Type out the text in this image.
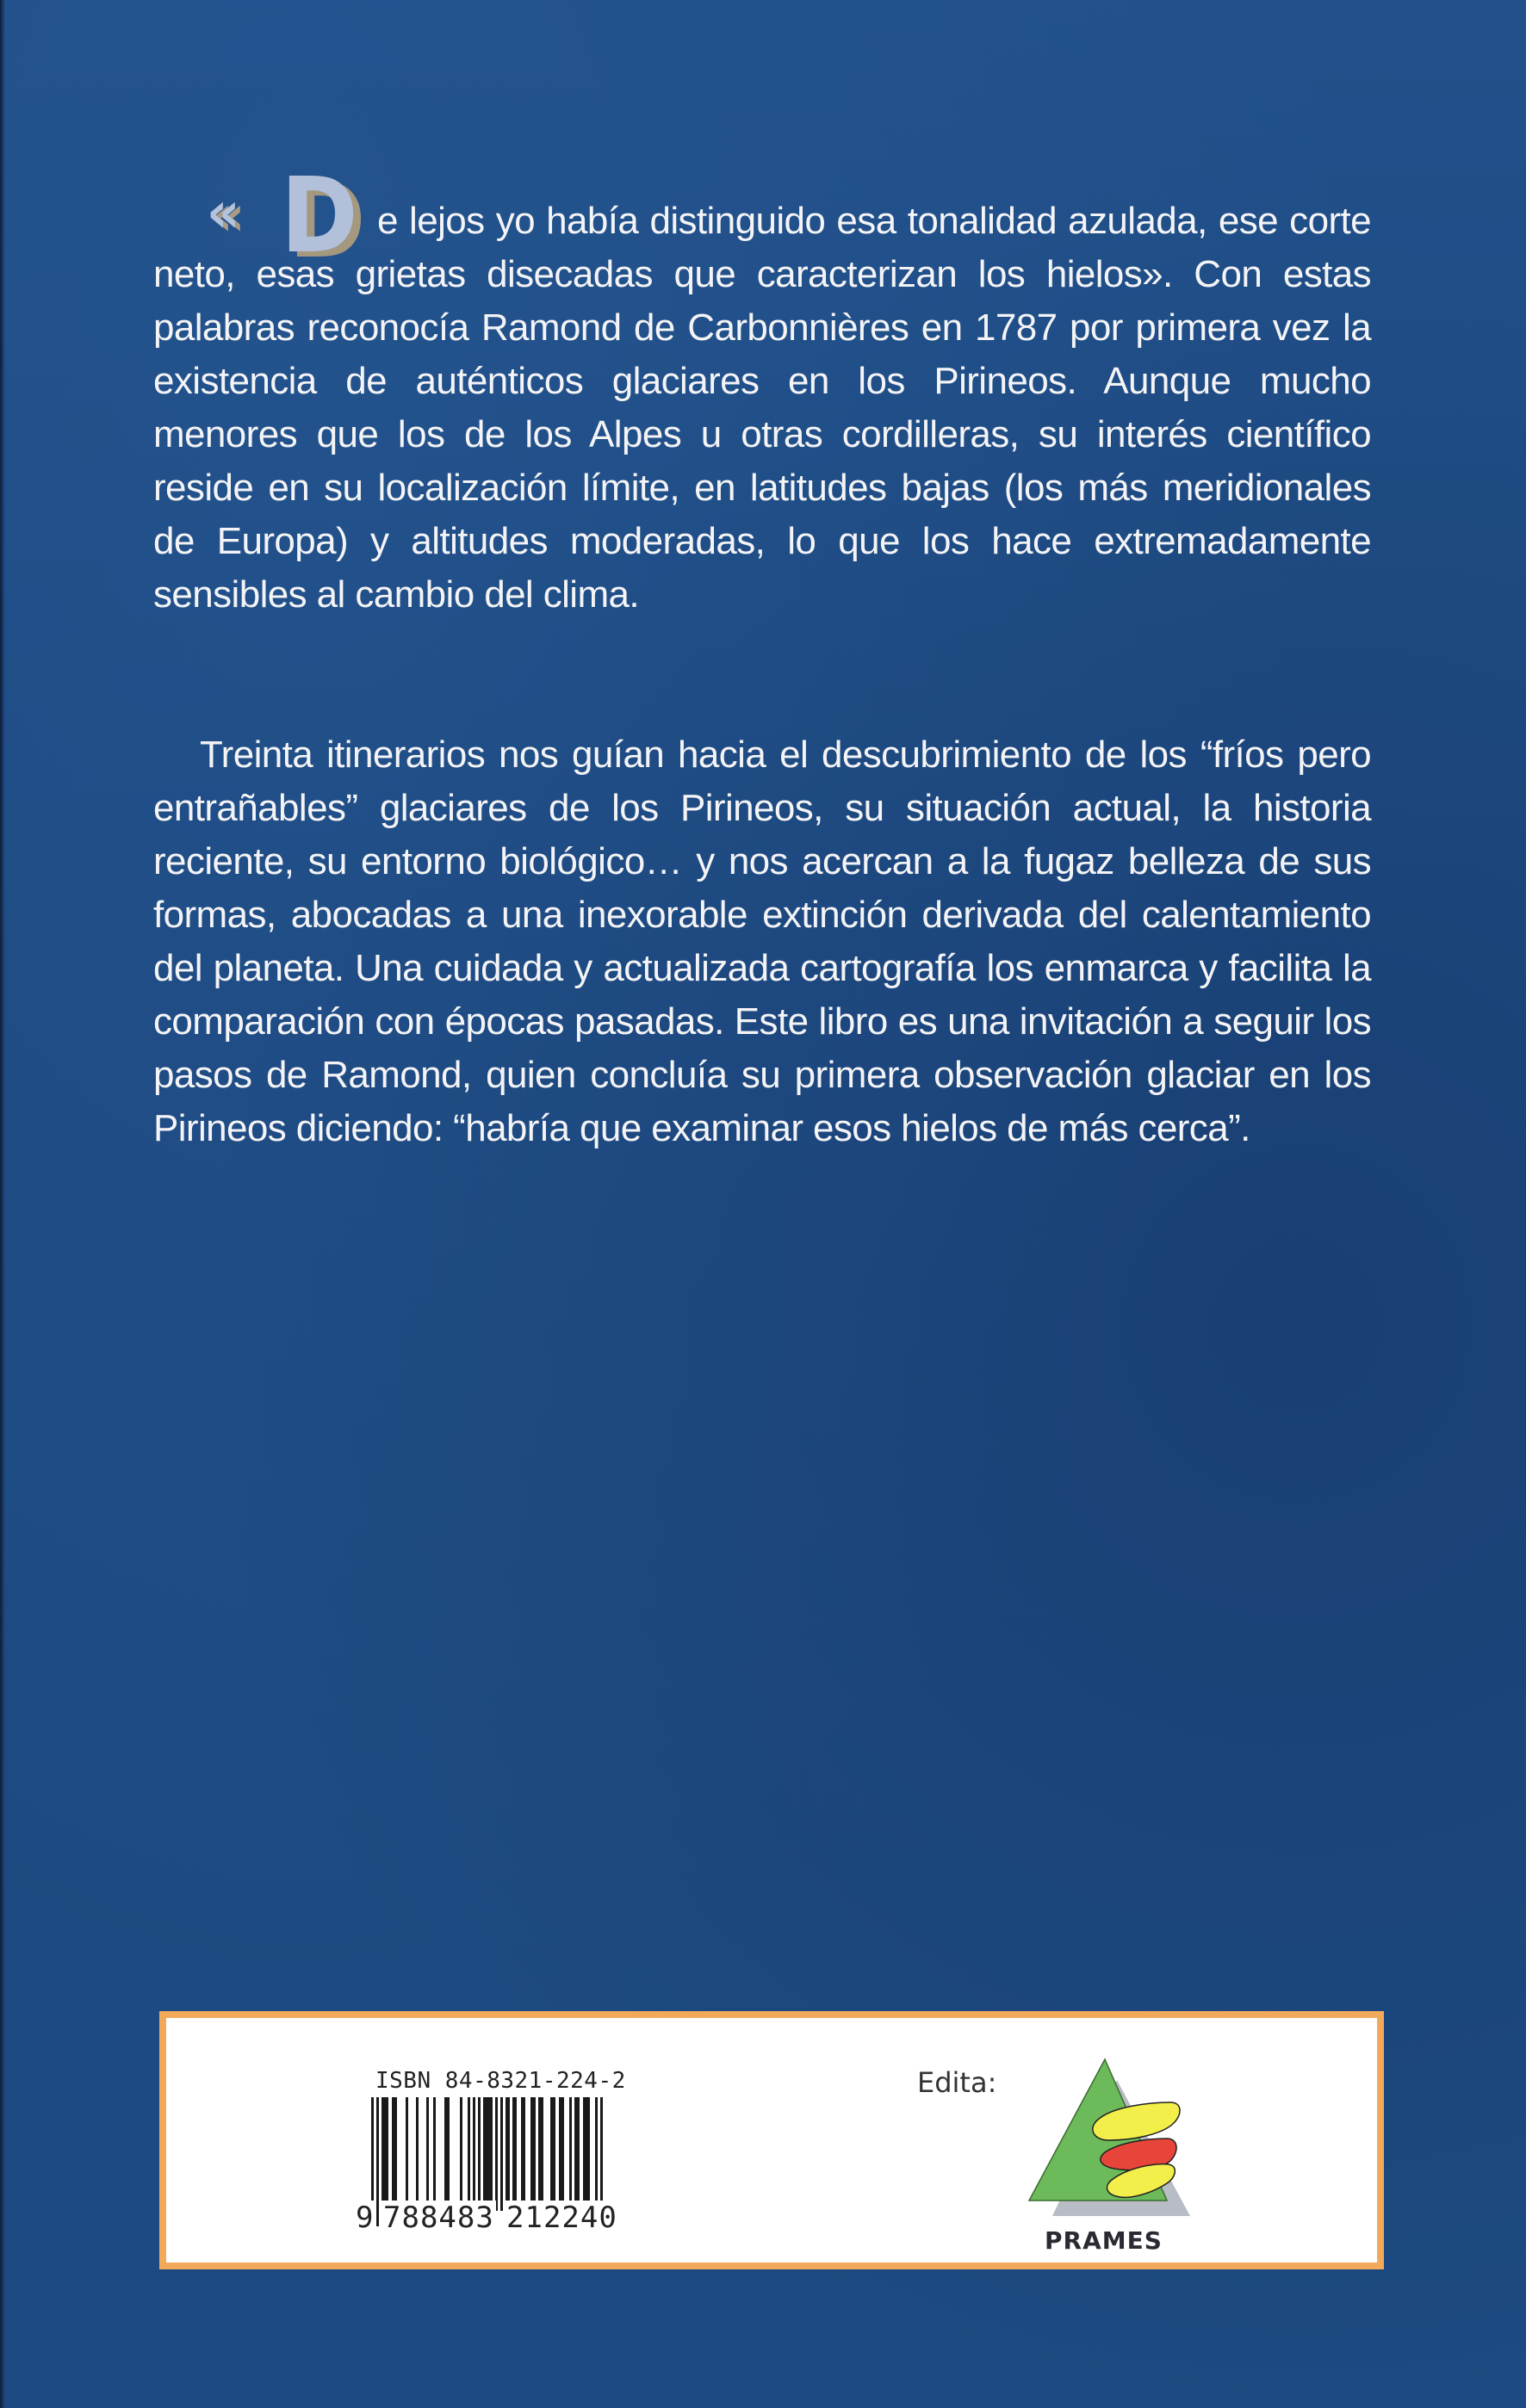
« D e lejos yo había distinguido esa tonalidad azulada, ese corte neto, esas grietas disecadas que caracterizan los hielos». Con estas palabras reconocía Ramond de Carbonnières en 1787 por primera vez la existencia de auténticos glaciares en los Pirineos. Aunque mucho menores que los de los Alpes u otras cordilleras, su interés científico reside en su localización límite, en latitudes bajas (los más meridionales de Europa) y altitudes moderadas, lo que los hace extremadamente sensibles al cambio del clima.

Treinta itinerarios nos guían hacia el descubrimiento de los “fríos pero entrañables” glaciares de los Pirineos, su situación actual, la historia reciente, su entorno biológico… y nos acercan a la fugaz belleza de sus formas, abocadas a una inexorable extinción derivada del calentamiento del planeta. Una cuidada y actualizada cartografía los enmarca y facilita la comparación con épocas pasadas. Este libro es una invitación a seguir los pasos de Ramond, quien concluía su primera observación glaciar en los Pirineos diciendo: “habría que examinar esos hielos de más cerca”.

ISBN 84-8321-224-2
9 788483 212240
Edita:
PRAMES
